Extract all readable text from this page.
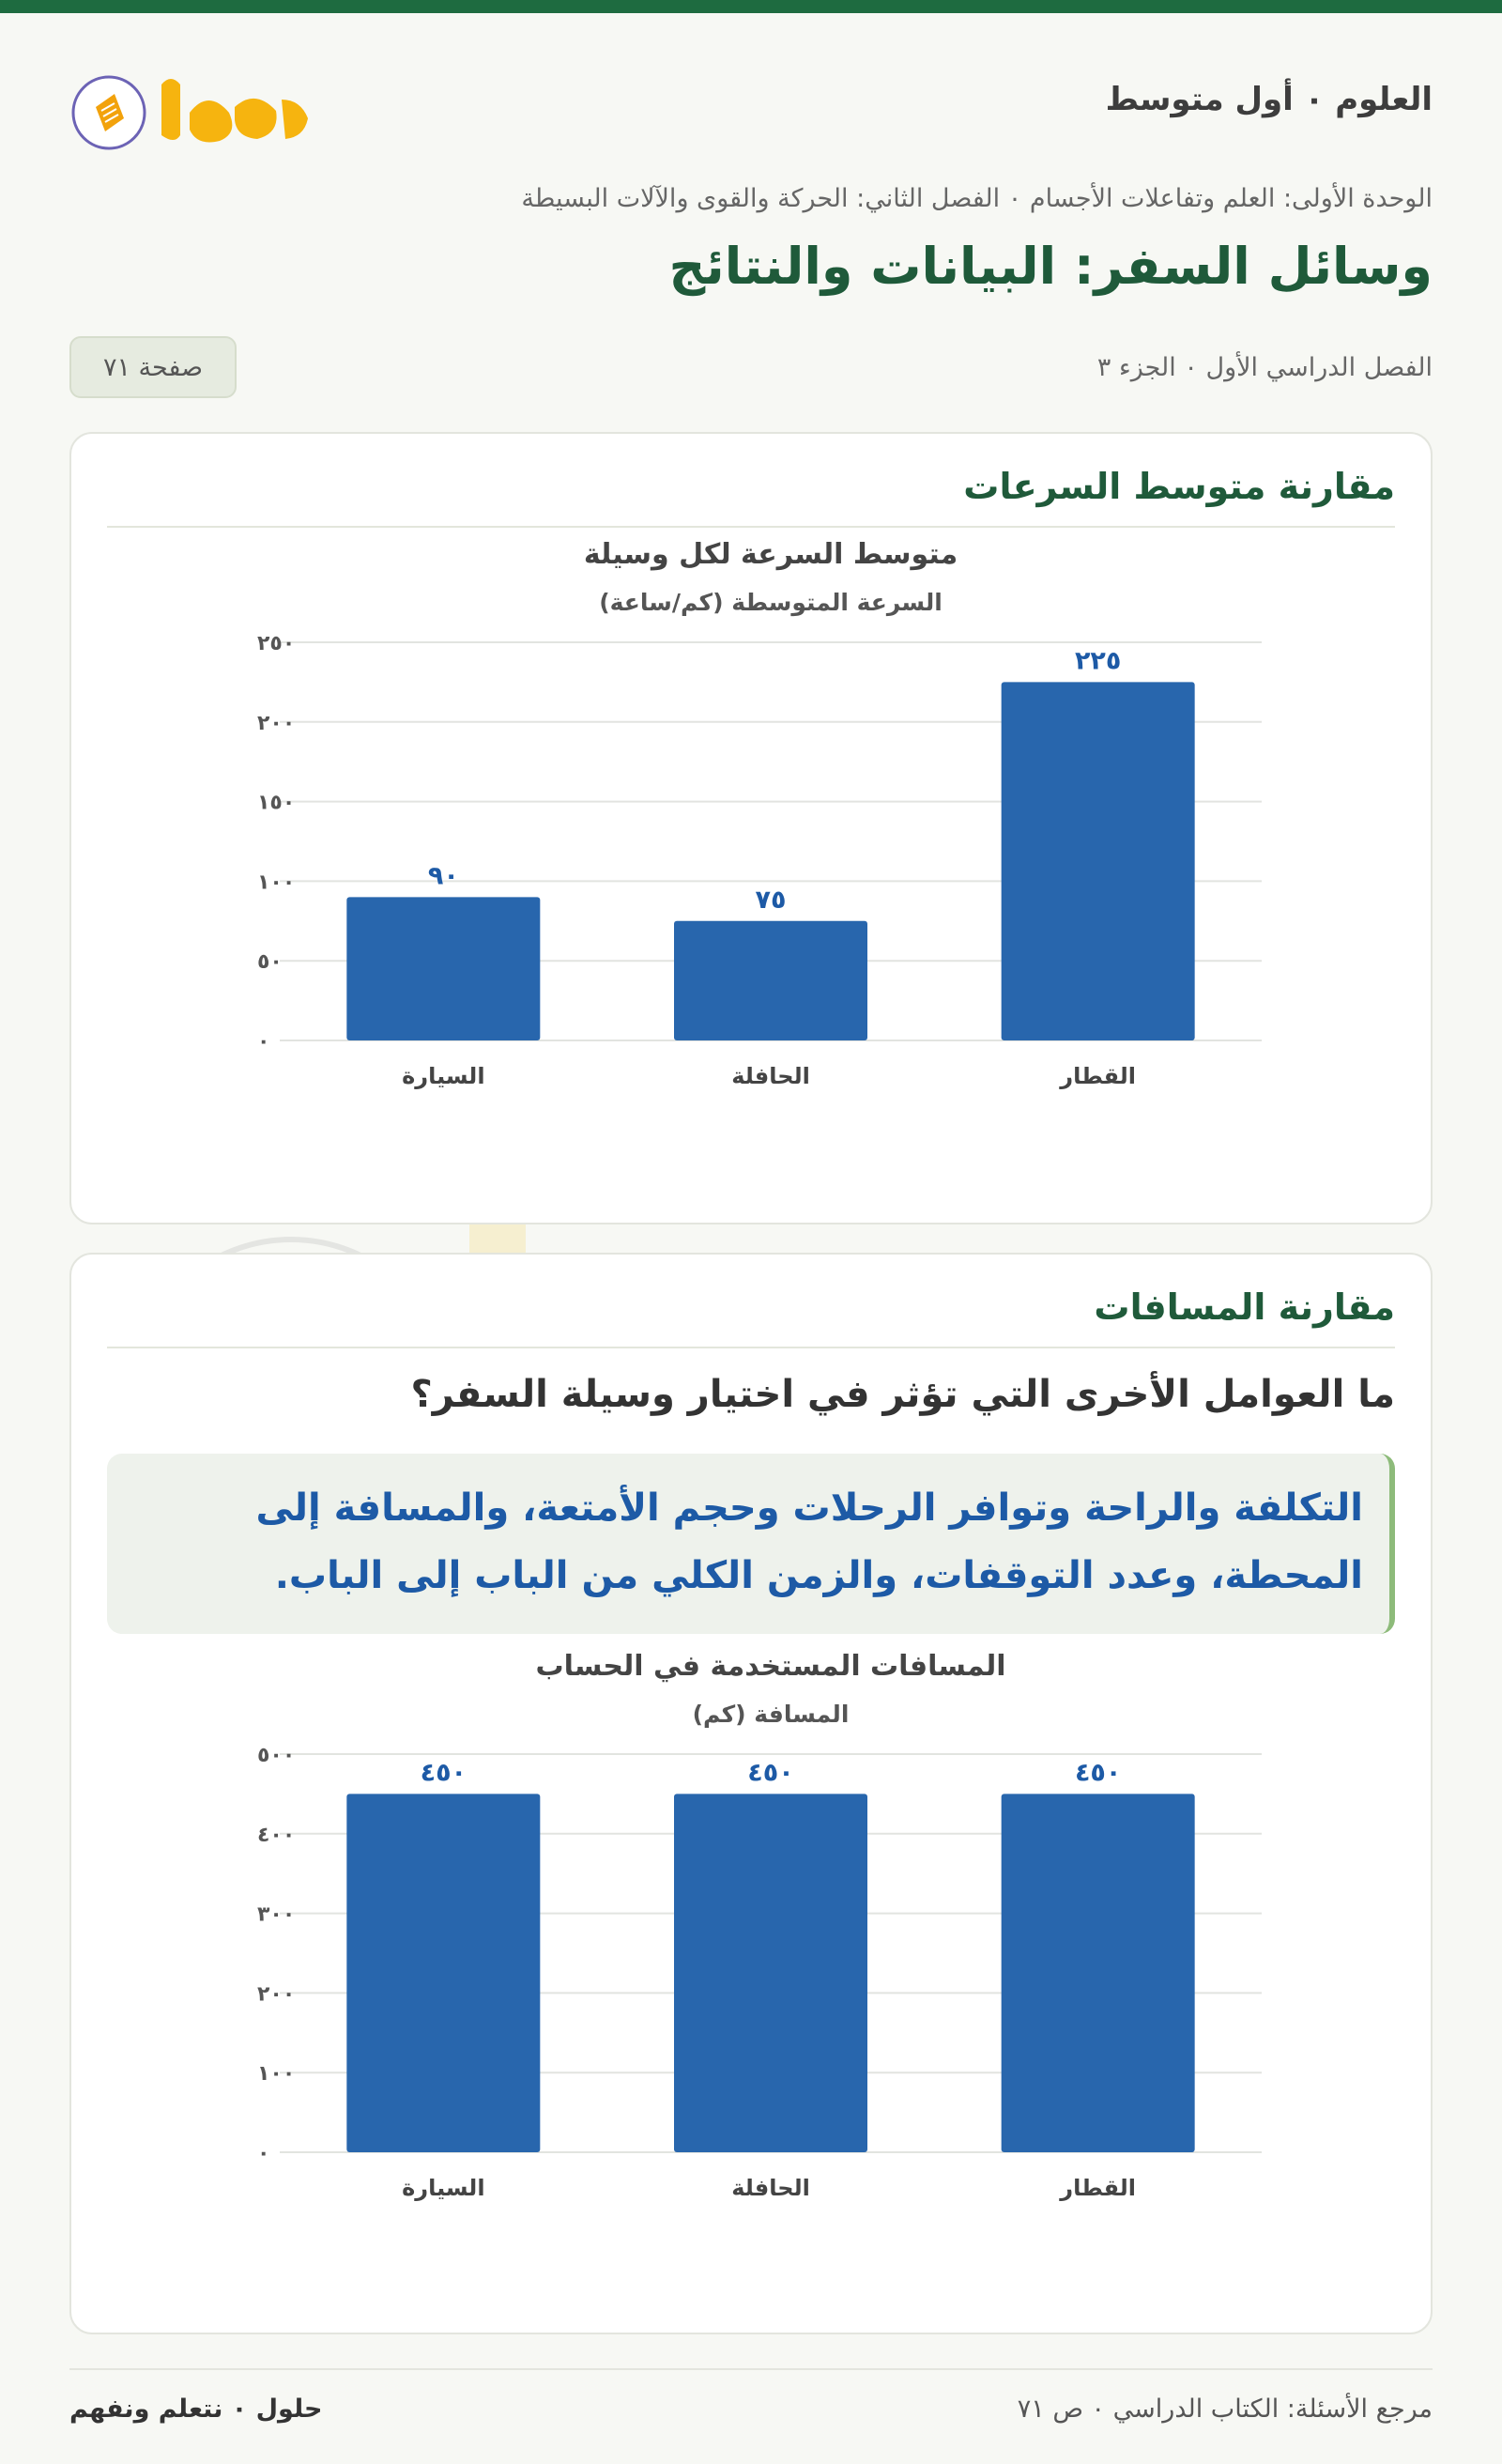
العلوم ٠ أول متوسط
الوحدة الأولى: العلم وتفاعلات الأجسام ٠ الفصل الثاني: الحركة والقوى والآلات البسيطة
وسائل السفر: البيانات والنتائج
الفصل الدراسي الأول ٠ الجزء ٣
صفحة ٧١
مقارنة متوسط السرعات
متوسط السرعة لكل وسيلة
السرعة المتوسطة (كم/ساعة)
٠
٥٠
١٠٠
١٥٠
٢٠٠
٢٥٠
٩٠
السيارة
٧٥
الحافلة
٢٢٥
القطار
مقارنة المسافات
ما العوامل الأخرى التي تؤثر في اختيار وسيلة السفر؟
التكلفة والراحة وتوافر الرحلات وحجم الأمتعة، والمسافة إلى المحطة، وعدد التوقفات، والزمن الكلي من الباب إلى الباب.
المسافات المستخدمة في الحساب
المسافة (كم)
٠
١٠٠
٢٠٠
٣٠٠
٤٠٠
٥٠٠
٤٥٠
السيارة
٤٥٠
الحافلة
٤٥٠
القطار
حلول ٠ نتعلم ونفهم	مرجع الأسئلة: الكتاب الدراسي ٠ ص ٧١
